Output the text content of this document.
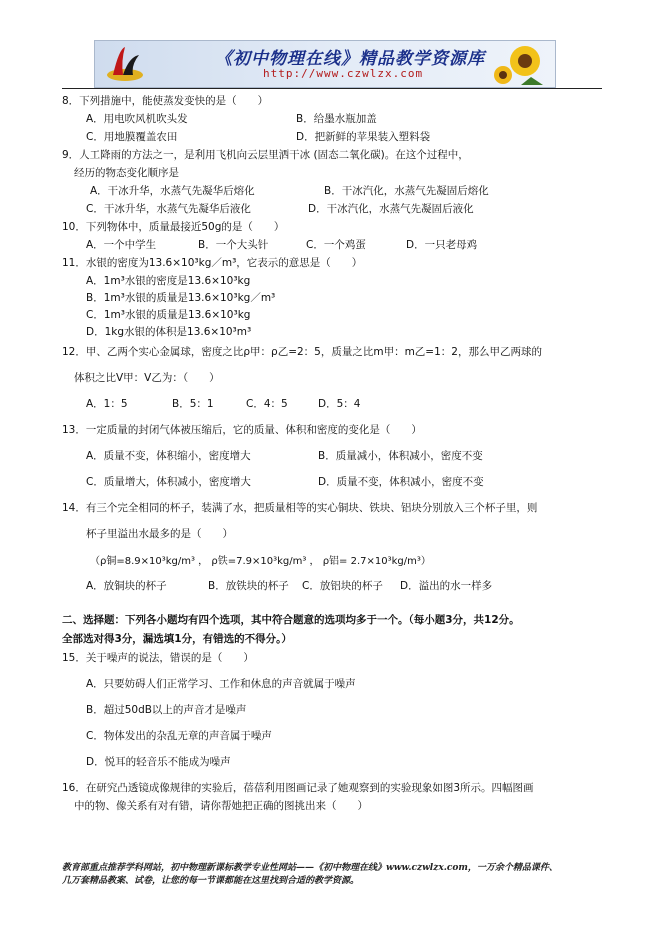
《初中物理在线》精品教学资源库
http://www.czwlzx.com
8．下列措施中，能使蒸发变快的是（　　）
A．用电吹风机吹头发	B．给墨水瓶加盖
C．用地膜覆盖农田	D．把新鲜的苹果装入塑料袋
9．人工降雨的方法之一，是利用飞机向云层里洒干冰 (固态二氧化碳)。在这个过程中，
经历的物态变化顺序是
A．干冰升华，水蒸气先凝华后熔化	B．干冰汽化，水蒸气先凝固后熔化
C．干冰升华，水蒸气先凝华后液化	D．干冰汽化，水蒸气先凝固后液化
10．下列物体中，质量最接近50g的是（　　）
A．一个中学生	B．一个大头针	C．一个鸡蛋	D．一只老母鸡
11．水银的密度为13.6×10³kg／m³，它表示的意思是（　　）
A．1m³水银的密度是13.6×10³kg
B．1m³水银的质量是13.6×10³kg／m³
C．1m³水银的质量是13.6×10³kg
D．1kg水银的体积是13.6×10³m³
12．甲、乙两个实心金属球，密度之比ρ甲：ρ乙=2：5，质量之比m甲：m乙=1：2，那么甲乙两球的
体积之比V甲：V乙为：（　　）
A．1：5	B．5：1	C．4：5	D．5：4
13．一定质量的封闭气体被压缩后，它的质量、体积和密度的变化是（　　）
A．质量不变，体积缩小，密度增大	B．质量减小，体积减小，密度不变
C．质量增大，体积减小，密度增大	D．质量不变，体积减小，密度不变
14．有三个完全相同的杯子，装满了水，把质量相等的实心铜块、铁块、铝块分别放入三个杯子里，则
杯子里溢出水最多的是（　　）
（ρ铜=8.9×10³kg/m³ ， ρ铁=7.9×10³kg/m³ ， ρ铝= 2.7×10³kg/m³）
A．放铜块的杯子	B．放铁块的杯子 C．放铝块的杯子 D．溢出的水一样多
二、选择题：下列各小题均有四个选项，其中符合题意的选项均多于一个。（每小题3分，共12分。
全部选对得3分，漏选填1分，有错选的不得分。）
15．关于噪声的说法，错误的是（　　）
A．只要妨碍人们正常学习、工作和休息的声音就属于噪声
B．超过50dB以上的声音才是噪声
C．物体发出的杂乱无章的声音属于噪声
D．悦耳的轻音乐不能成为噪声
16．在研究凸透镜成像规律的实验后，蓓蓓利用图画记录了她观察到的实验现象如图3所示。四幅图画
中的物、像关系有对有错，请你帮她把正确的图挑出来（　　）
教育部重点推荐学科网站，初中物理新课标教学专业性网站——《初中物理在线》www.czwlzx.com，一万余个精品课件、
几万套精品教案、试卷，让您的每一节课都能在这里找到合适的教学资源。
